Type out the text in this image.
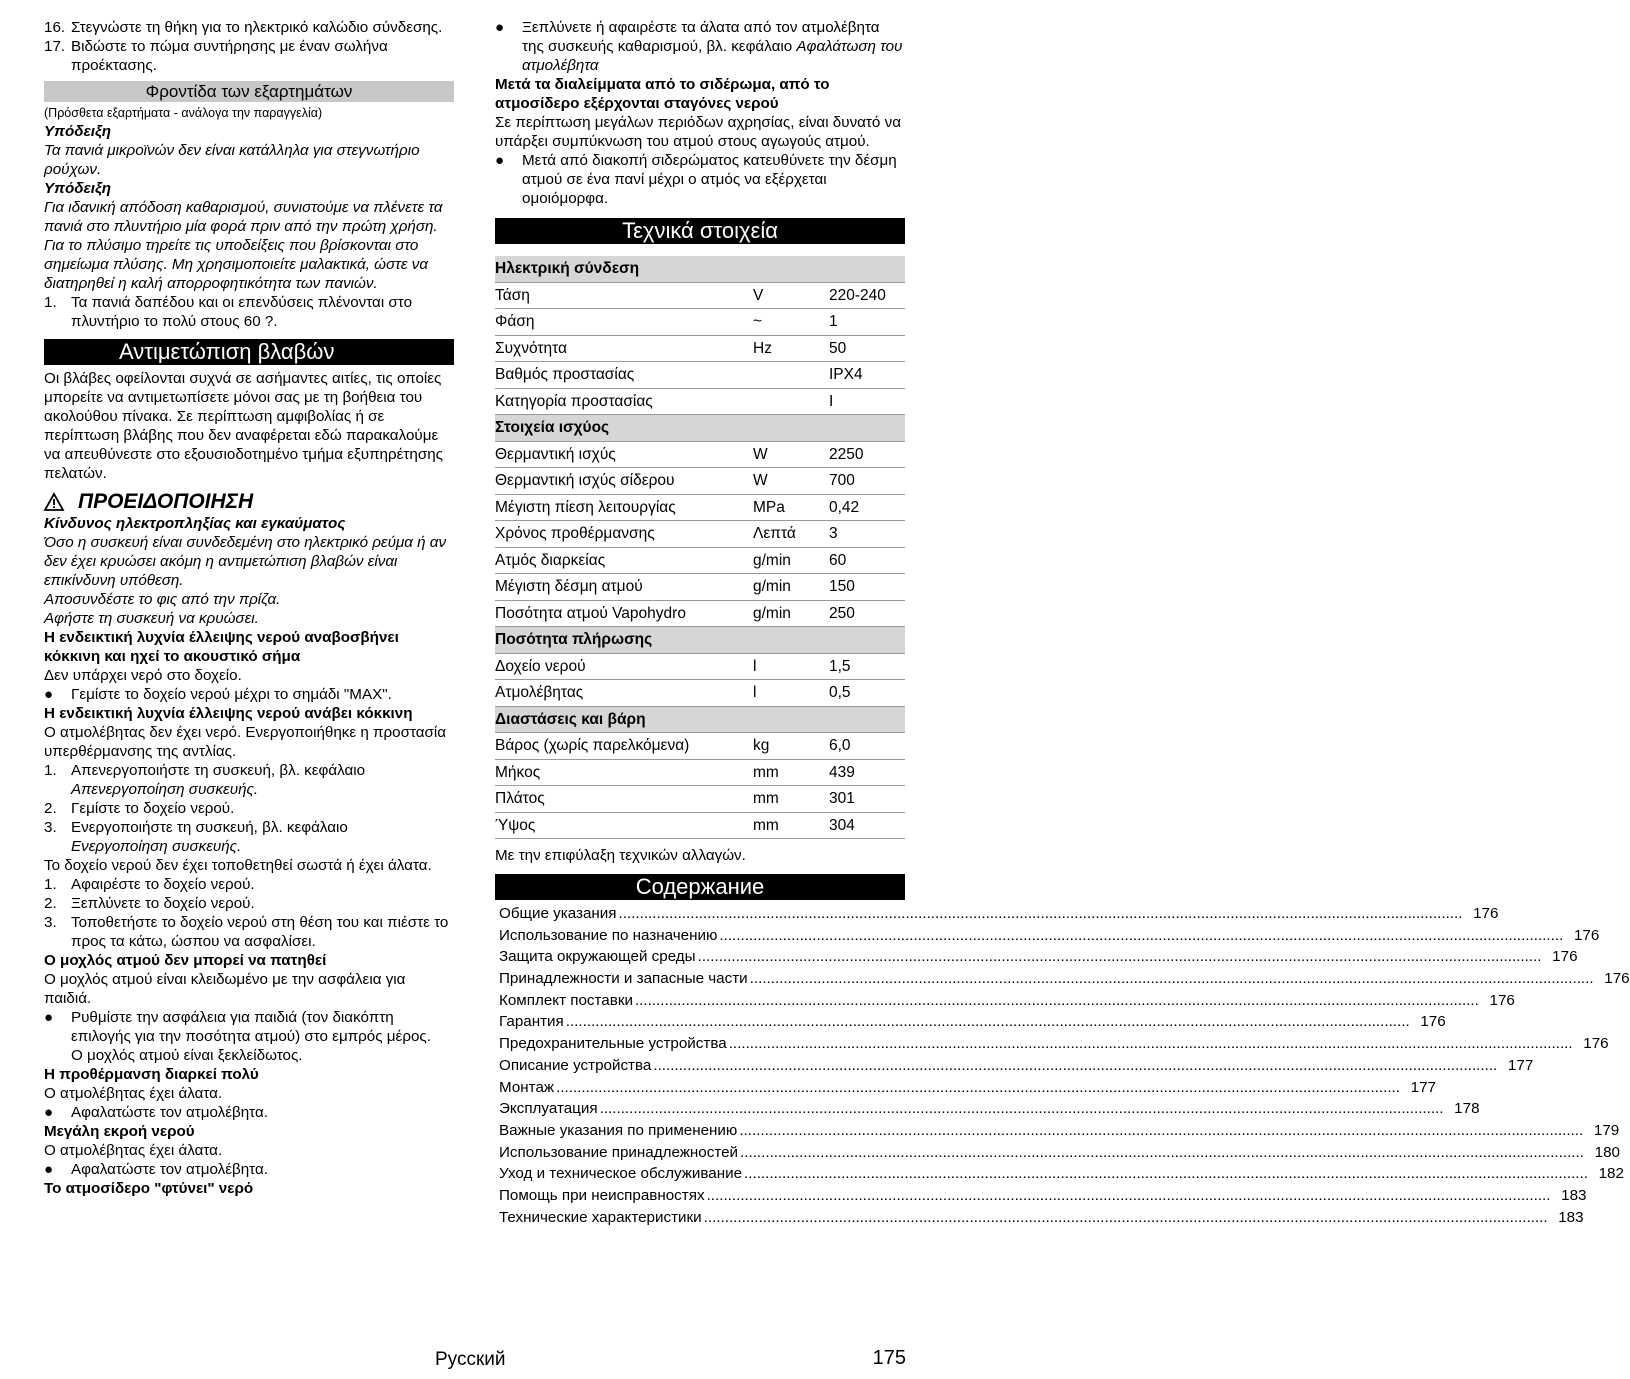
16. Στεγνώστε τη θήκη για το ηλεκτρικό καλώδιο σύνδεσης.
17. Βιδώστε το πώμα συντήρησης με έναν σωλήνα προέκτασης.
Φροντίδα των εξαρτημάτων

(Πρόσθετα εξαρτήματα - ανάλογα την παραγγελία)

Υπόδειξη

Τα πανιά μικροϊνών δεν είναι κατάλληλα για στεγνωτήριο ρούχων.

Υπόδειξη

Για ιδανική απόδοση καθαρισμού, συνιστούμε να πλένετε τα πανιά στο πλυντήριο μία φορά πριν από την πρώτη χρήση.

Για το πλύσιμο τηρείτε τις υποδείξεις που βρίσκονται στο σημείωμα πλύσης. Μη χρησιμοποιείτε μαλακτικά, ώστε να διατηρηθεί η καλή απορροφητικότητα των πανιών.

1. Τα πανιά δαπέδου και οι επενδύσεις πλένονται στο πλυντήριο το πολύ στους 60 ?.
Αντιμετώπιση βλαβών

Οι βλάβες οφείλονται συχνά σε ασήμαντες αιτίες, τις οποίες μπορείτε να αντιμετωπίσετε μόνοι σας με τη βοήθεια του ακολούθου πίνακα. Σε περίπτωση αμφιβολίας ή σε περίπτωση βλάβης που δεν αναφέρεται εδώ παρακαλούμε να απευθύνεστε στο εξουσιοδοτημένο τμήμα εξυπηρέτησης πελατών.

ΠΡΟΕΙΔΟΠΟΙΗΣΗ

Κίνδυνος ηλεκτροπληξίας και εγκαύματος

Όσο η συσκευή είναι συνδεδεμένη στο ηλεκτρικό ρεύμα ή αν δεν έχει κρυώσει ακόμη η αντιμετώπιση βλαβών είναι επικίνδυνη υπόθεση.

Αποσυνδέστε το φις από την πρίζα.

Αφήστε τη συσκευή να κρυώσει.

Η ενδεικτική λυχνία έλλειψης νερού αναβοσβήνει κόκκινη και ηχεί το ακουστικό σήμα

Δεν υπάρχει νερό στο δοχείο.

●	Γεμίστε το δοχείο νερού μέχρι το σημάδι "MAX".

Η ενδεικτική λυχνία έλλειψης νερού ανάβει κόκκινη

Ο ατμολέβητας δεν έχει νερό. Ενεργοποιήθηκε η προστασία υπερθέρμανσης της αντλίας.

1. Απενεργοποιήστε τη συσκευή, βλ. κεφάλαιο
Απενεργοποίηση συσκευής.
2. Γεμίστε το δοχείο νερού.
3. Ενεργοποιήστε τη συσκευή, βλ. κεφάλαιο
Ενεργοποίηση συσκευής.

Το δοχείο νερού δεν έχει τοποθετηθεί σωστά ή έχει άλατα.

1. Αφαιρέστε το δοχείο νερού.
2. Ξεπλύνετε το δοχείο νερού.
3. Τοποθετήστε το δοχείο νερού στη θέση του και πιέστε το προς τα κάτω, ώσπου να ασφαλίσει.

Ο μοχλός ατμού δεν μπορεί να πατηθεί

Ο μοχλός ατμού είναι κλειδωμένο με την ασφάλεια για παιδιά.

●	Ρυθμίστε την ασφάλεια για παιδιά (τον διακόπτη επιλογής για την ποσότητα ατμού) στο εμπρός μέρος.

Ο μοχλός ατμού είναι ξεκλείδωτος.

Η προθέρμανση διαρκεί πολύ

Ο ατμολέβητας έχει άλατα.

●	Αφαλατώστε τον ατμολέβητα.

Μεγάλη εκροή νερού

Ο ατμολέβητας έχει άλατα.

●	Αφαλατώστε τον ατμολέβητα.

Το ατμοσίδερο "φτύνει" νερό

●	Ξεπλύνετε ή αφαιρέστε τα άλατα από τον ατμολέβητα της συσκευής καθαρισμού, βλ. κεφάλαιο Αφαλάτωση του ατμολέβητα

Μετά τα διαλείμματα από το σιδέρωμα, από το ατμοσίδερο εξέρχονται σταγόνες νερού

Σε περίπτωση μεγάλων περιόδων αχρησίας, είναι δυνατό να υπάρξει συμπύκνωση του ατμού στους αγωγούς ατμού.

●	Μετά από διακοπή σιδερώματος κατευθύνετε την δέσμη ατμού σε ένα πανί μέχρι ο ατμός να εξέρχεται ομοιόμορφα.
Τεχνικά στοιχεία
Ηλεκτρική σύνδεση		
Τάση	V	220-240
Φάση	~	1
Συχνότητα	Hz	50
Βαθμός προστασίας		IPX4
Κατηγορία προστασίας		I
Στοιχεία ισχύος		
Θερμαντική ισχύς	W	2250
Θερμαντική ισχύς σίδερου	W	700
Μέγιστη πίεση λειτουργίας	MPa	0,42
Χρόνος προθέρμανσης	Λεπτά	3
Ατμός διαρκείας	g/min	60
Μέγιστη δέσμη ατμού	g/min	150
Ποσότητα ατμού Vapohydro	g/min	250
Ποσότητα πλήρωσης		
Δοχείο νερού	l	1,5
Ατμολέβητας	l	0,5
Διαστάσεις και βάρη		
Βάρος (χωρίς παρελκόμενα)	kg	6,0
Μήκος	mm	439
Πλάτος	mm	301
Ύψος	mm	304

Με την επιφύλαξη τεχνικών αλλαγών.

Содержание
Общие указания ........................................................................................................................................................................................................ 176
Использование по назначению ........................................................................................................................................................................................................ 176
Защита окружающей среды ........................................................................................................................................................................................................ 176
Принадлежности и запасные части ........................................................................................................................................................................................................ 176
Комплект поставки ........................................................................................................................................................................................................ 176
Гарантия ........................................................................................................................................................................................................ 176
Предохранительные устройства ........................................................................................................................................................................................................ 176
Описание устройства ........................................................................................................................................................................................................ 177
Монтаж ........................................................................................................................................................................................................ 177
Эксплуатация ........................................................................................................................................................................................................ 178
Важные указания по применению ........................................................................................................................................................................................................ 179
Использование принадлежностей ........................................................................................................................................................................................................ 180
Уход и техническое обслуживание ........................................................................................................................................................................................................ 182
Помощь при неисправностях ........................................................................................................................................................................................................ 183
Технические характеристики ........................................................................................................................................................................................................ 183
Русский	175
